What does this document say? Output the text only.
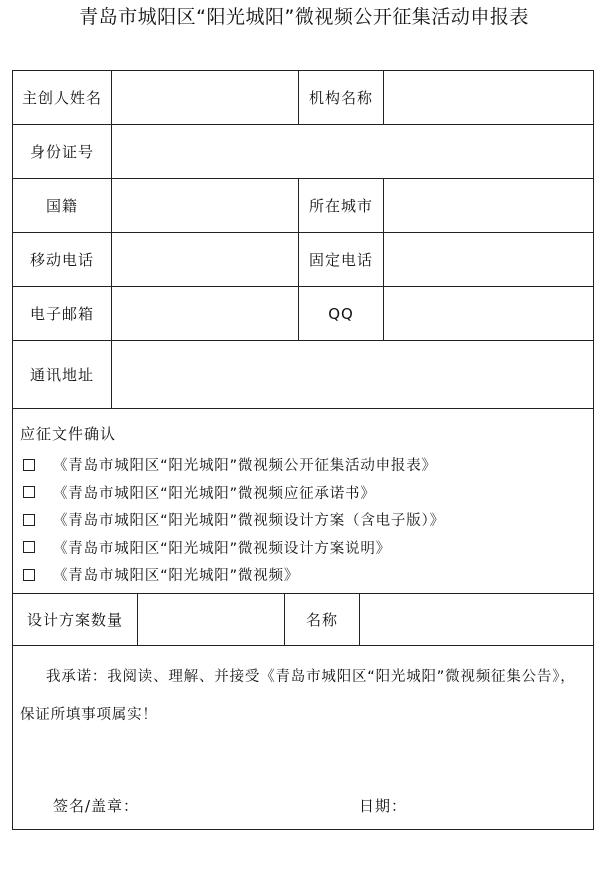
青岛市城阳区“阳光城阳”微视频公开征集活动申报表
主创人姓名	机构名称
身份证号
国籍	所在城市
移动电话	固定电话
电子邮箱	QQ
通讯地址
应征文件确认
《青岛市城阳区“阳光城阳”微视频公开征集活动申报表》
《青岛市城阳区“阳光城阳”微视频应征承诺书》
《青岛市城阳区“阳光城阳”微视频设计方案（含电子版）》
《青岛市城阳区“阳光城阳”微视频设计方案说明》
《青岛市城阳区“阳光城阳”微视频》
设计方案数量	名称
我承诺：我阅读、理解、并接受《青岛市城阳区“阳光城阳”微视频征集公告》，保证所填事项属实！
签名/盖章：	日期：
